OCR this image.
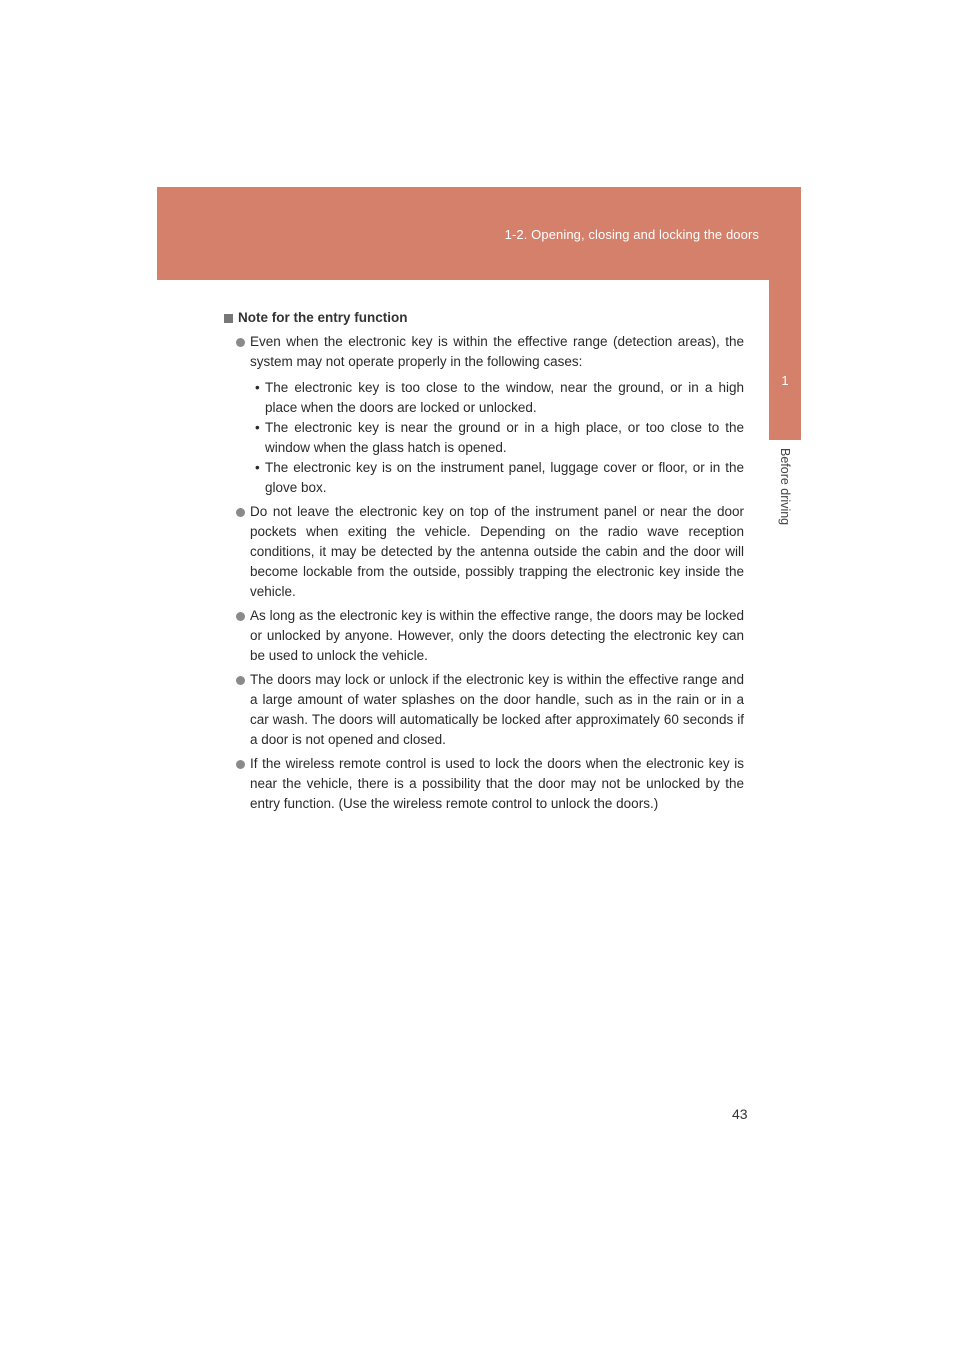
1-2. Opening, closing and locking the doors
1
Before driving
Note for the entry function
Even when the electronic key is within the effective range (detection areas), the system may not operate properly in the following cases:
• The electronic key is too close to the window, near the ground, or in a high place when the doors are locked or unlocked.
• The electronic key is near the ground or in a high place, or too close to the window when the glass hatch is opened.
• The electronic key is on the instrument panel, luggage cover or floor, or in the glove box.
Do not leave the electronic key on top of the instrument panel or near the door pockets when exiting the vehicle. Depending on the radio wave reception conditions, it may be detected by the antenna outside the cabin and the door will become lockable from the outside, possibly trapping the electronic key inside the vehicle.
As long as the electronic key is within the effective range, the doors may be locked or unlocked by anyone. However, only the doors detecting the electronic key can be used to unlock the vehicle.
The doors may lock or unlock if the electronic key is within the effective range and a large amount of water splashes on the door handle, such as in the rain or in a car wash. The doors will automatically be locked after approximately 60 seconds if a door is not opened and closed.
If the wireless remote control is used to lock the doors when the electronic key is near the vehicle, there is a possibility that the door may not be unlocked by the entry function. (Use the wireless remote control to unlock the doors.)
43
